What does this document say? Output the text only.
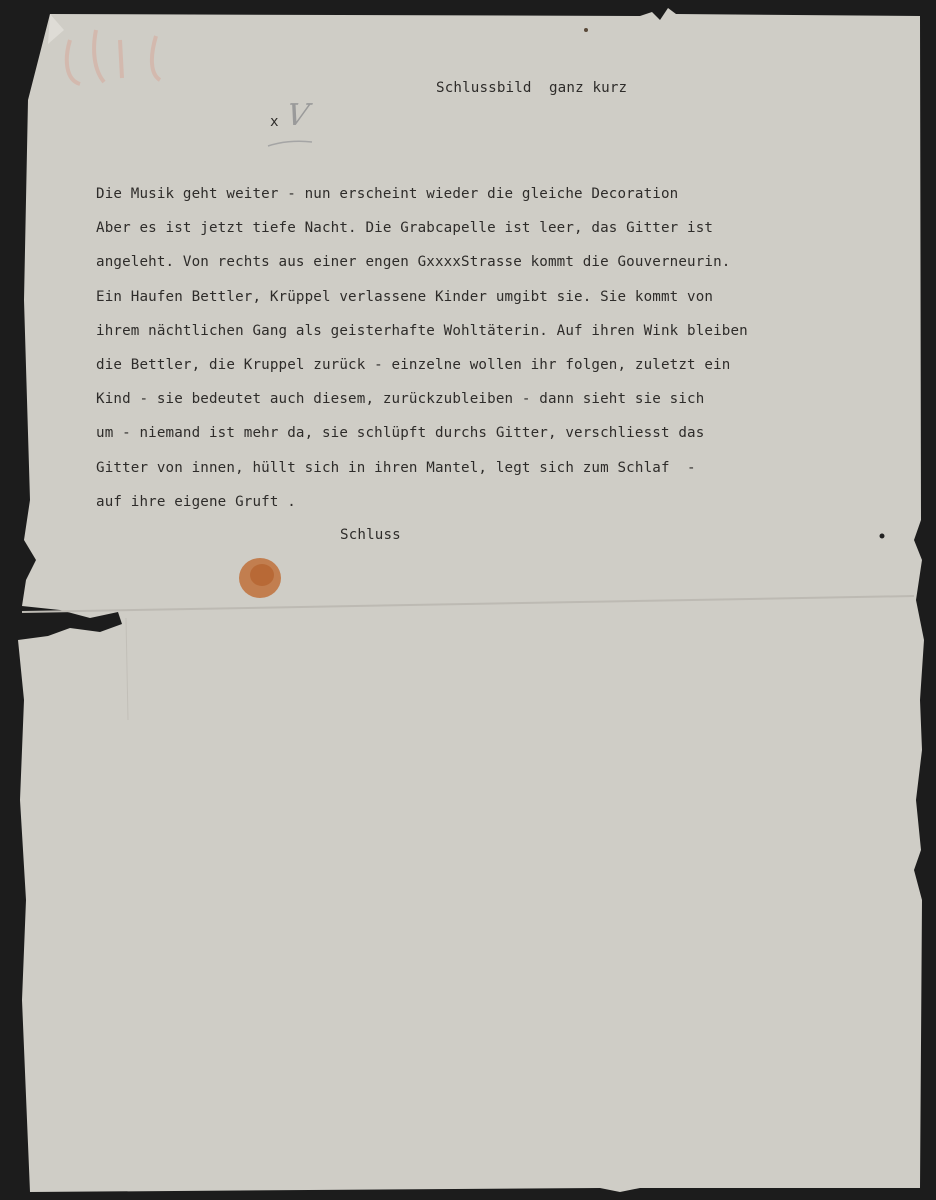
Schlussbild  ganz kurz
x V
Die Musik geht weiter - nun erscheint wieder die gleiche Decoration
Aber es ist jetzt tiefe Nacht. Die Grabcapelle ist leer, das Gitter ist
angeleht. Von rechts aus einer engen GxxxxStrasse kommt die Gouverneurin.
Ein Haufen Bettler, Krüppel verlassene Kinder umgibt sie. Sie kommt von
ihrem nächtlichen Gang als geisterhafte Wohltäterin. Auf ihren Wink bleiben
die Bettler, die Kruppel zurück - einzelne wollen ihr folgen, zuletzt ein
Kind - sie bedeutet auch diesem, zurückzubleiben - dann sieht sie sich
um - niemand ist mehr da, sie schlüpft durchs Gitter, verschliesst das
Gitter von innen, hüllt sich in ihren Mantel, legt sich zum Schlaf  -
auf ihre eigene Gruft .
Schluss
